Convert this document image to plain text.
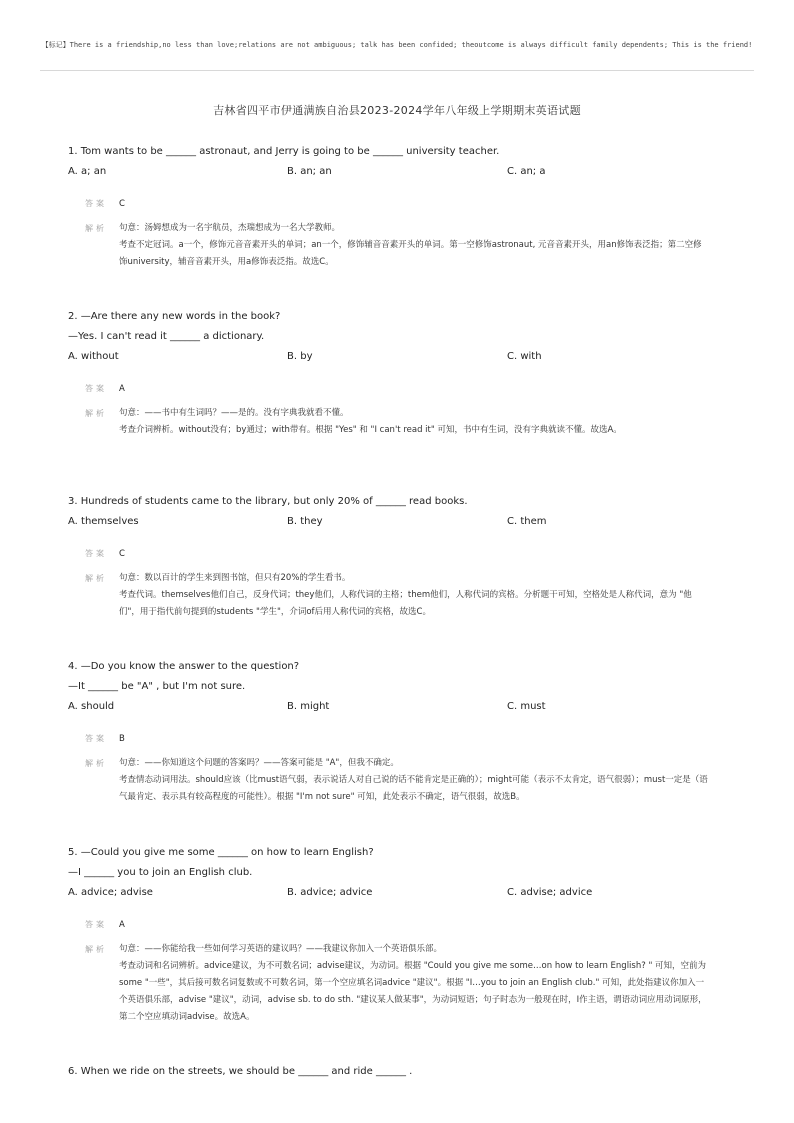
【标记】There is a friendship,no less than love;relations are not ambiguous; talk has been confided; theoutcome is always difficult family dependents; This is the friend!
吉林省四平市伊通满族自治县2023-2024学年八年级上学期期末英语试题
1. Tom wants to be ______ astronaut, and Jerry is going to be ______ university teacher.
A. a; an	B. an; an	C. an; a
答案 C
解析 句意：汤姆想成为一名宇航员，杰瑞想成为一名大学教师。

考查不定冠词。a一个，修饰元音音素开头的单词；an一个，修饰辅音音素开头的单词。第一空修饰astronaut, 元音音素开头，用an修饰表泛指；第二空修饰university，辅音音素开头，用a修饰表泛指。故选C。

2. —Are there any new words in the book?
—Yes. I can't read it ______ a dictionary.
A. without	B. by	C. with
答案 A
解析 句意：——书中有生词吗？——是的。没有字典我就看不懂。

考查介词辨析。without没有；by通过；with带有。根据 "Yes" 和 "I can't read it" 可知，书中有生词，没有字典就读不懂。故选A。

3. Hundreds of students came to the library, but only 20% of ______ read books.
A. themselves	B. they	C. them
答案 C
解析 句意：数以百计的学生来到图书馆，但只有20%的学生看书。

考查代词。themselves他们自己，反身代词；they他们，人称代词的主格；them他们，人称代词的宾格。分析题干可知，空格处是人称代词，意为 "他们"，用于指代前句提到的students "学生"，介词of后用人称代词的宾格，故选C。

4. —Do you know the answer to the question?
—It ______ be "A" , but I'm not sure.
A. should	B. might	C. must
答案 B
解析 句意：——你知道这个问题的答案吗？——答案可能是 "A"，但我不确定。

考查情态动词用法。should应该（比must语气弱，表示说话人对自己说的话不能肯定是正确的）；might可能（表示不太肯定，语气很弱）；must一定是（语气最肯定、表示具有较高程度的可能性）。根据 "I'm not sure" 可知，此处表示不确定，语气很弱，故选B。

5. —Could you give me some ______ on how to learn English?
—I ______ you to join an English club.
A. advice; advise	B. advice; advice	C. advise; advice
答案 A
解析 句意：——你能给我一些如何学习英语的建议吗？——我建议你加入一个英语俱乐部。

考查动词和名词辨析。advice建议，为不可数名词；advise建议，为动词。根据 "Could you give me some…on how to learn English? " 可知，空前为some "一些"，其后接可数名词复数或不可数名词，第一个空应填名词advice "建议"。根据 "I…you to join an English club." 可知，此处指建议你加入一个英语俱乐部，advise "建议"，动词，advise sb. to do sth. "建议某人做某事"，为动词短语；句子时态为一般现在时，I作主语，谓语动词应用动词原形，第二个空应填动词advise。故选A。

6. When we ride on the streets, we should be ______ and ride ______ .
